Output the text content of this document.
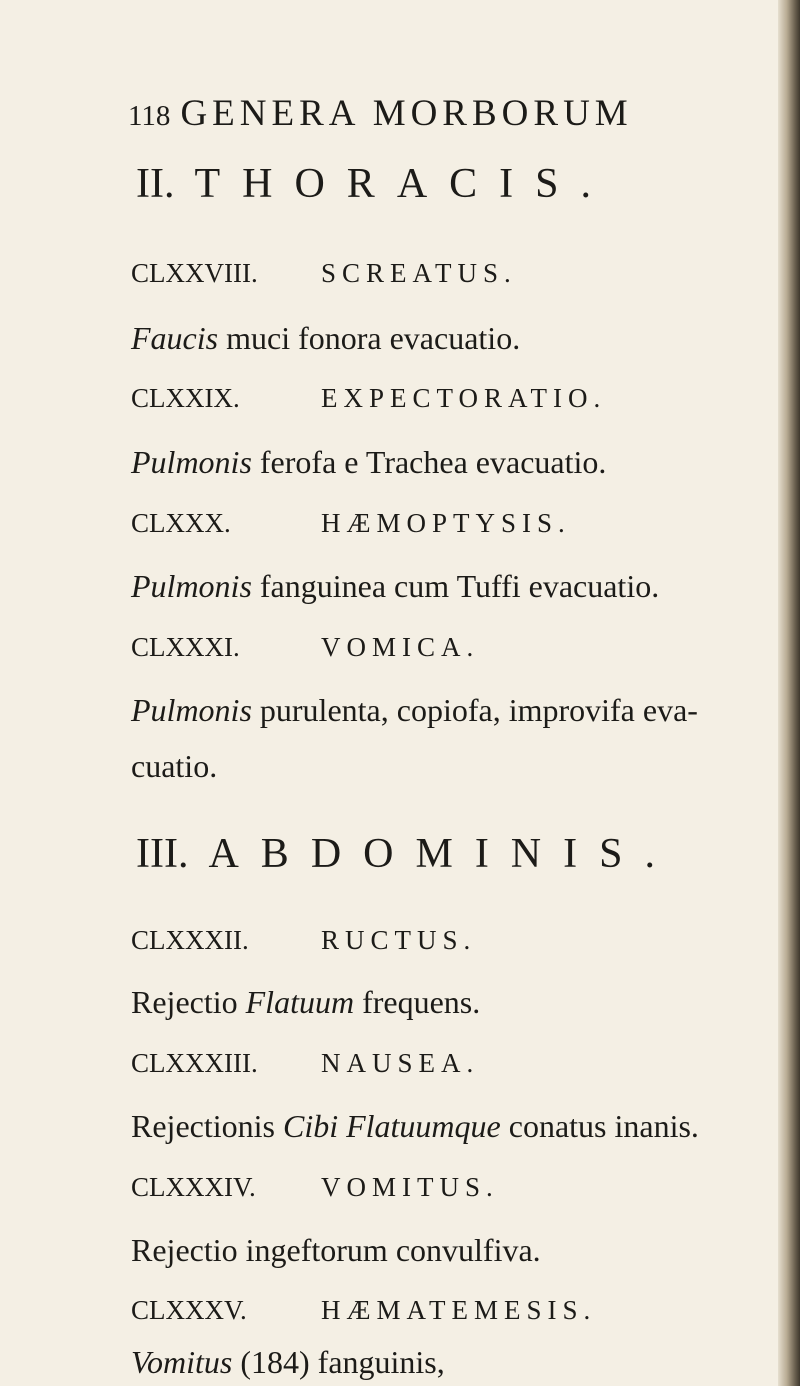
118 GENERA MORBORUM
II. THORACIS.
CLXXVIII. SCREATUS.
Faucis muci fonora evacuatio.
CLXXIX.	EXPECTORATIO.
Pulmonis ferofa e Trachea evacuatio.
CLXXX.	HÆMOPTYSIS.
Pulmonis fanguinea cum Tuffi evacuatio.
CLXXXI.	VOMICA.
Pulmonis purulenta, copiofa, improvifa eva-
cuatio.
III. ABDOMINIS.
CLXXXII.	RUCTUS.
Rejectio Flatuum frequens.
CLXXXIII. NAUSEA.
Rejectionis Cibi Flatuumque conatus inanis.
CLXXXIV. VOMITUS.
Rejectio ingeftorum convulfiva.
CLXXXV.	HÆMATEMESIS.
Vomitus (184) fanguinis,
